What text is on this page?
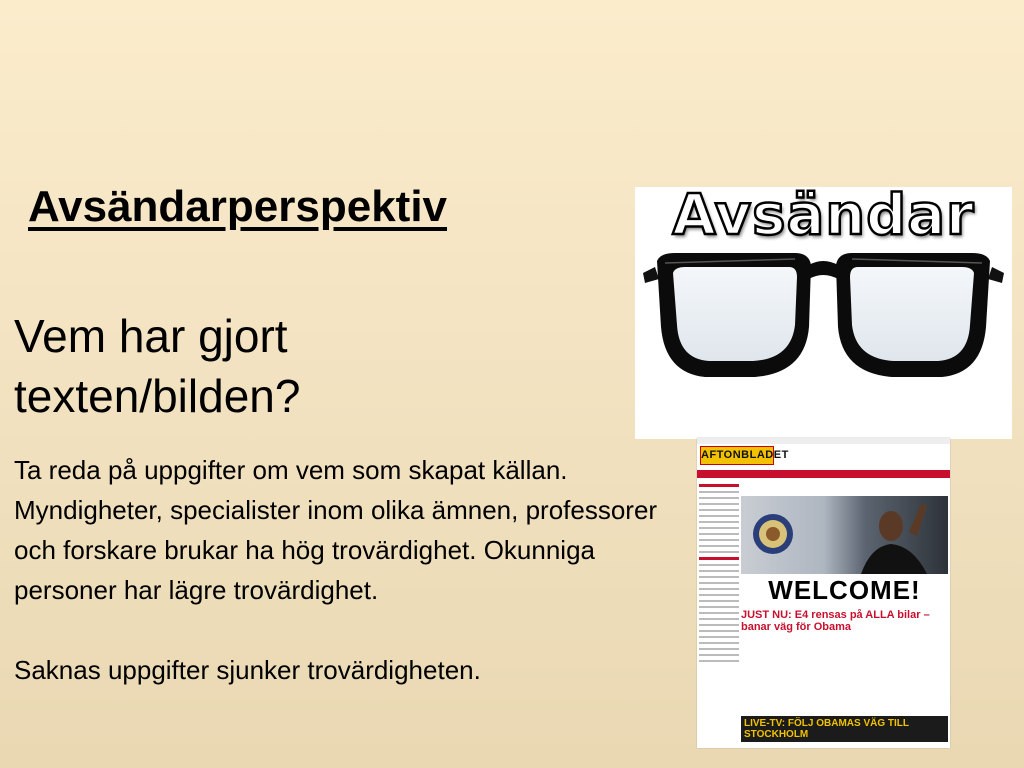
Avsändarperspektiv
Vem har gjort
texten/bilden?

Ta reda på uppgifter om vem som skapat källan. Myndigheter, specialister inom olika ämnen, professorer och forskare brukar ha hög trovärdighet. Okunniga personer har lägre trovärdighet.

Saknas uppgifter sjunker trovärdigheten.

Avsändar
AFTONBLADET
WELCOME!
JUST NU: E4 rensas på ALLA bilar – banar väg för Obama
LIVE-TV: FÖLJ OBAMAS VÄG TILL STOCKHOLM
